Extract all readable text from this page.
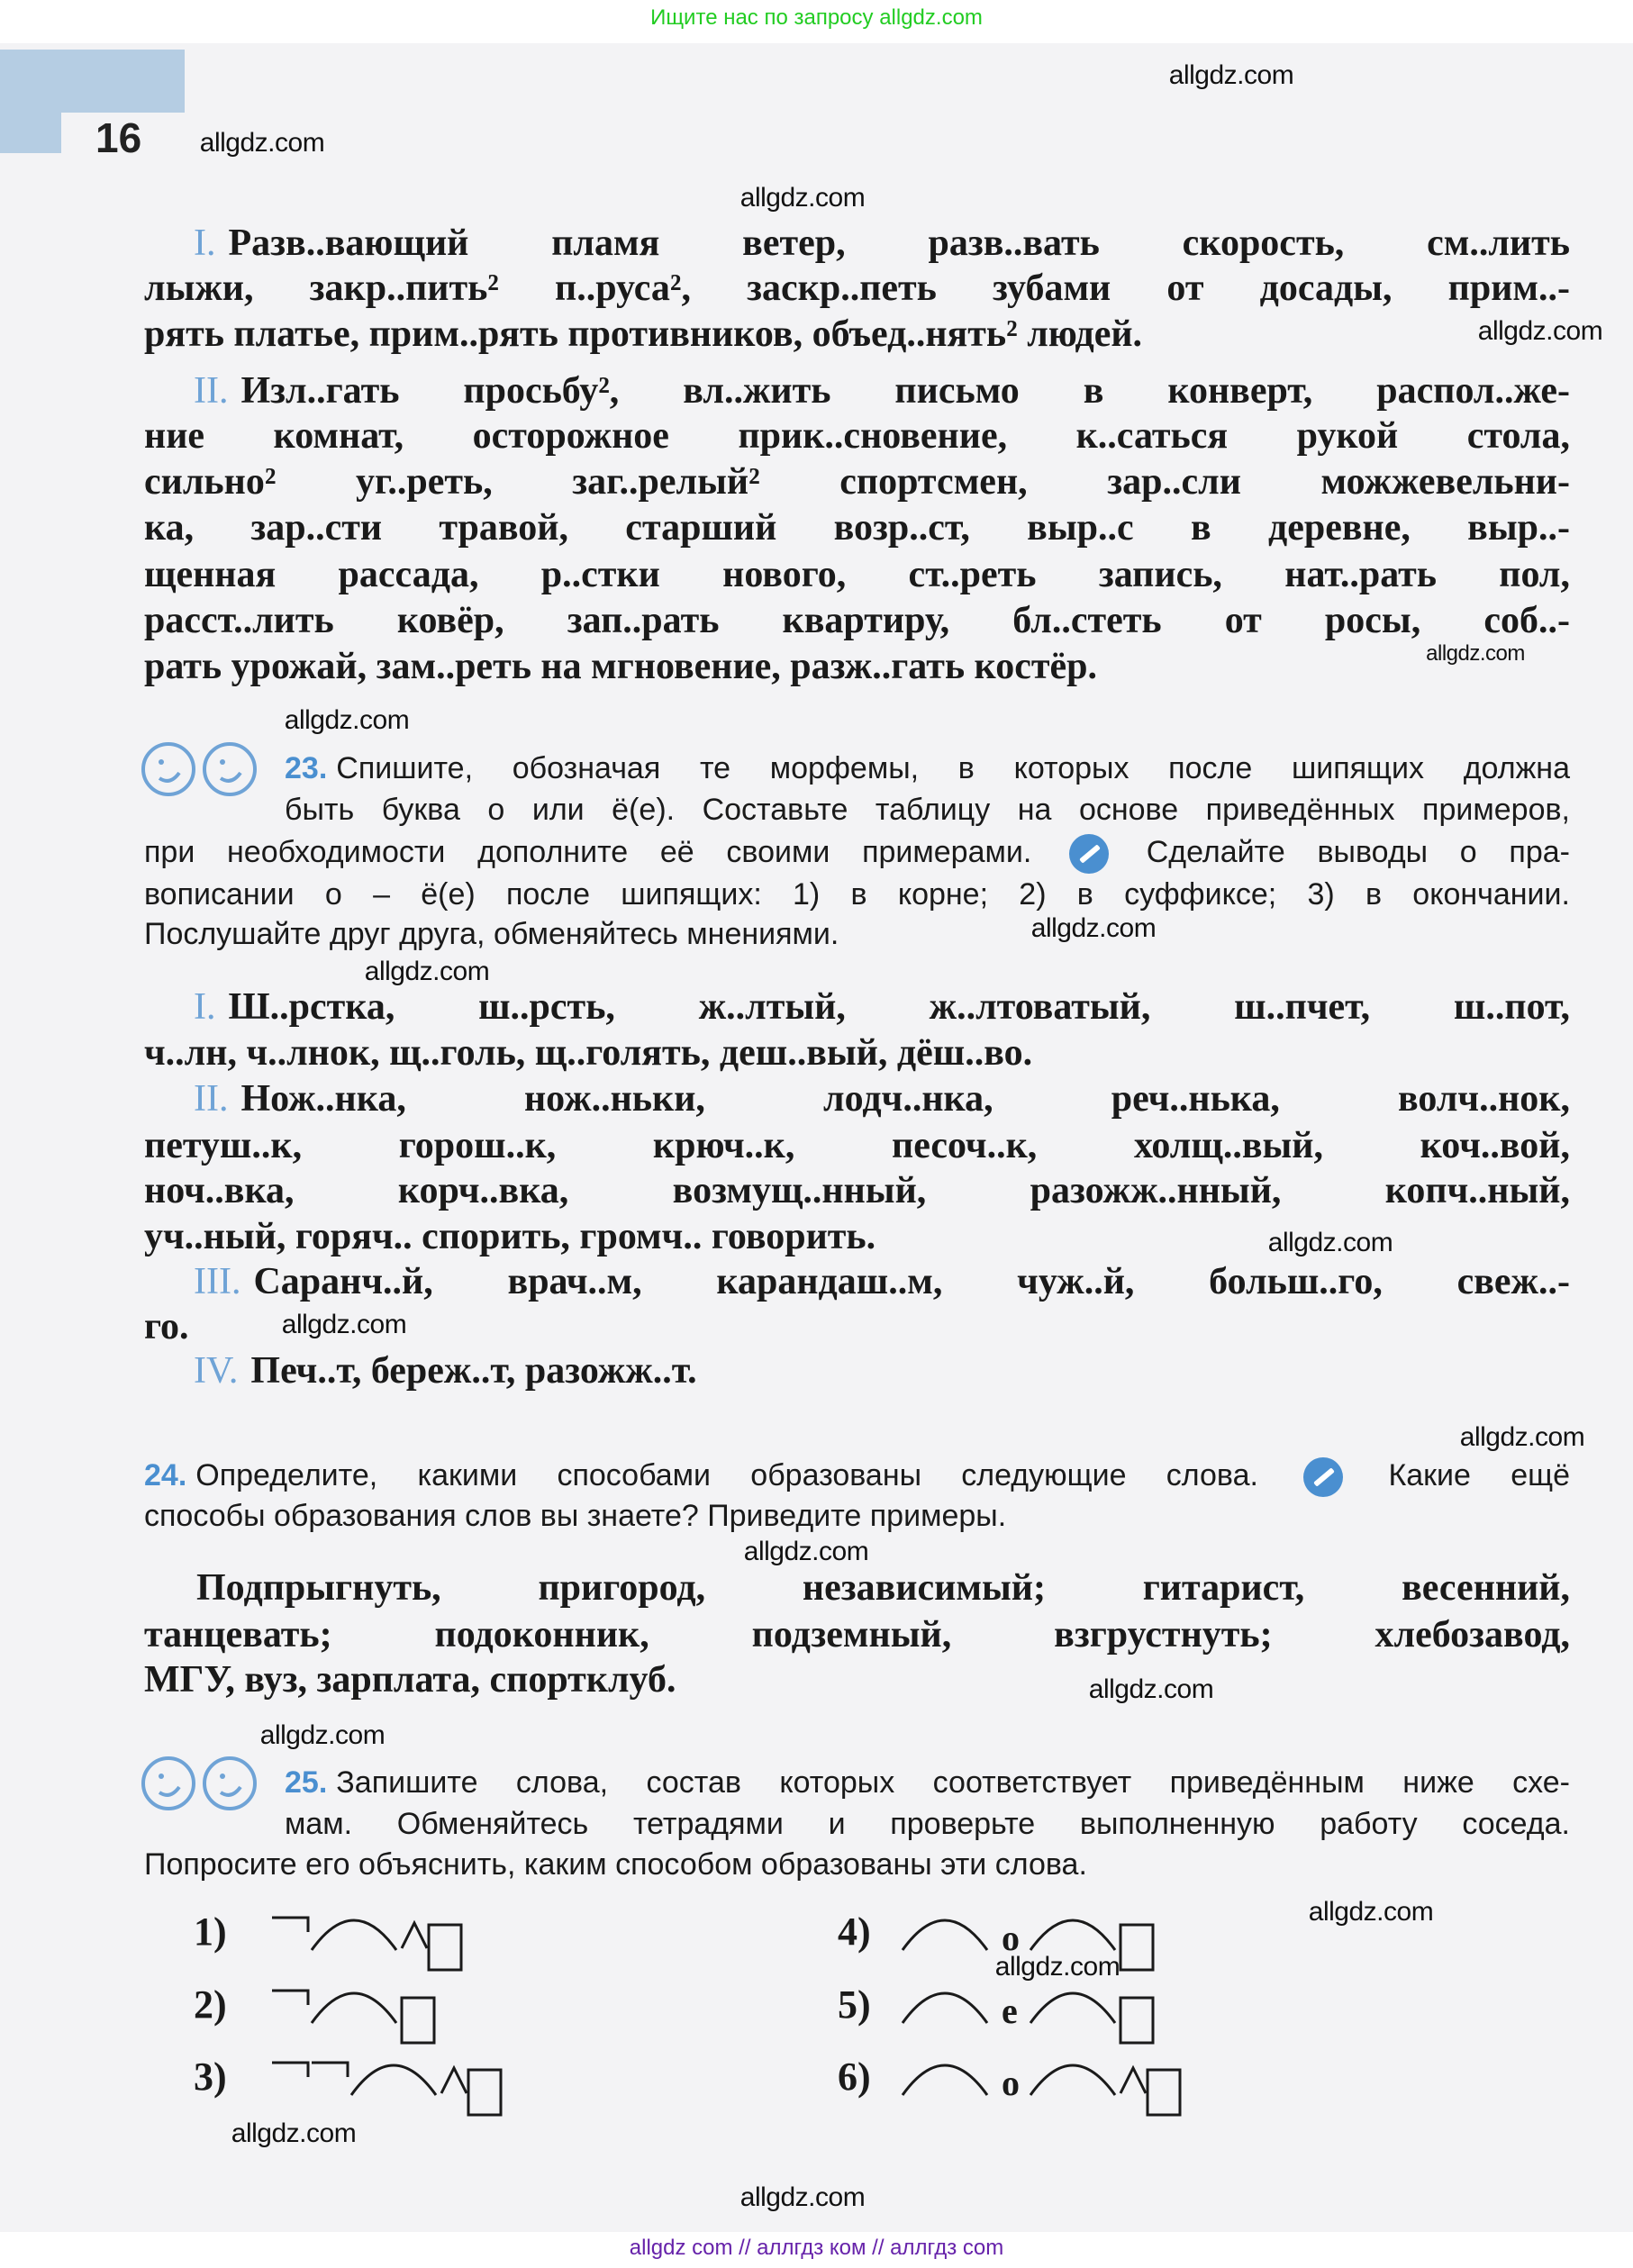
Ищите нас по запросу allgdz.com
16
I. Разв..вающий пламя ветер, разв..вать скорость, см..лить
лыжи, закр..пить² п..руса², заскр..петь зубами от досады, прим..-
рять платье, прим..рять противников, объед..нять² людей.
II. Изл..гать просьбу², вл..жить письмо в конверт, распол..же-
ние комнат, осторожное прик..сновение, к..саться рукой стола,
сильно² уг..реть, заг..релый² спортсмен, зар..сли можжевельни-
ка, зар..сти травой, старший возр..ст, выр..с в деревне, выр..-
щенная рассада, р..стки нового, ст..реть запись, нат..рать пол,
расст..лить ковёр, зап..рать квартиру, бл..стеть от росы, соб..-
рать урожай, зам..реть на мгновение, разж..гать костёр.
23. Спишите, обозначая те морфемы, в которых после шипящих должна
быть буква о или ё(е). Составьте таблицу на основе приведённых примеров,
при необходимости дополните её своими примерами.	Сделайте выводы о пра-
вописании о – ё(е) после шипящих: 1) в корне; 2) в суффиксе; 3) в окончании.
Послушайте друг друга, обменяйтесь мнениями.
I. Ш..рстка, ш..рсть, ж..лтый, ж..лтоватый, ш..пчет, ш..пот,
ч..лн, ч..лнок, щ..голь, щ..голять, деш..вый, дёш..во.
II. Нож..нка, нож..ньки, лодч..нка, реч..нька, волч..нок,
петуш..к, горош..к, крюч..к, песоч..к, холщ..вый, коч..вой,
ноч..вка, корч..вка, возмущ..нный, разожж..нный, копч..ный,
уч..ный, горяч.. спорить, громч.. говорить.
III. Саранч..й, врач..м, карандаш..м, чуж..й, больш..го, свеж..-
го.
IV. Печ..т, береж..т, разожж..т.
24. Определите, какими способами образованы следующие слова.	Какие ещё
способы образования слов вы знаете? Приведите примеры.
Подпрыгнуть, пригород, независимый; гитарист, весенний,
танцевать; подоконник, подземный, взгрустнуть; хлебозавод,
МГУ, вуз, зарплата, спортклуб.
25. Запишите слова, состав которых соответствует приведённым ниже схе-
мам. Обменяйтесь тетрадями и проверьте выполненную работу соседа.
Попросите его объяснить, каким способом образованы эти слова.
1)
2)
3)
4)	о
5)	е
6)	о
allgdz.com
allgdz.com
allgdz.com
allgdz.com
allgdz.com
allgdz.com
allgdz.com
allgdz.com
allgdz.com
allgdz.com
allgdz.com
allgdz.com
allgdz.com
allgdz.com
allgdz.com
allgdz.com
allgdz.com
allgdz.com
allgdz com // аллгдз ком // аллгдз com
